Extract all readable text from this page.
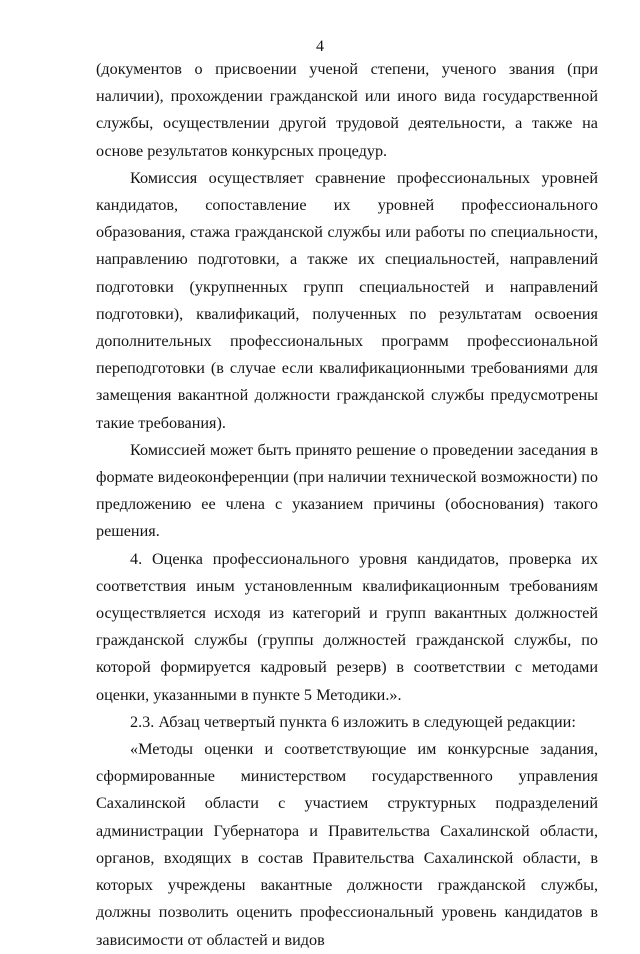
4

(документов о присвоении ученой степени, ученого звания (при наличии), прохождении гражданской или иного вида государственной службы, осуществлении другой трудовой деятельности, а также на основе результатов конкурсных процедур.

Комиссия осуществляет сравнение профессиональных уровней кандидатов, сопоставление их уровней профессионального образования, стажа гражданской службы или работы по специальности, направлению подготовки, а также их специальностей, направлений подготовки (укрупненных групп специальностей и направлений подготовки), квалификаций, полученных по результатам освоения дополнительных профессиональных программ профессиональной переподготовки (в случае если квалификационными требованиями для замещения вакантной должности гражданской службы предусмотрены такие требования).

Комиссией может быть принято решение о проведении заседания в формате видеоконференции (при наличии технической возможности) по предложению ее члена с указанием причины (обоснования) такого решения.

4. Оценка профессионального уровня кандидатов, проверка их соответствия иным установленным квалификационным требованиям осуществляется исходя из категорий и групп вакантных должностей гражданской службы (группы должностей гражданской службы, по которой формируется кадровый резерв) в соответствии с методами оценки, указанными в пункте 5 Методики.».

2.3. Абзац четвертый пункта 6 изложить в следующей редакции:

«Методы оценки и соответствующие им конкурсные задания, сформированные министерством государственного управления Сахалинской области с участием структурных подразделений администрации Губернатора и Правительства Сахалинской области, органов, входящих в состав Правительства Сахалинской области, в которых учреждены вакантные должности гражданской службы, должны позволить оценить профессиональный уровень кандидатов в зависимости от областей и видов
